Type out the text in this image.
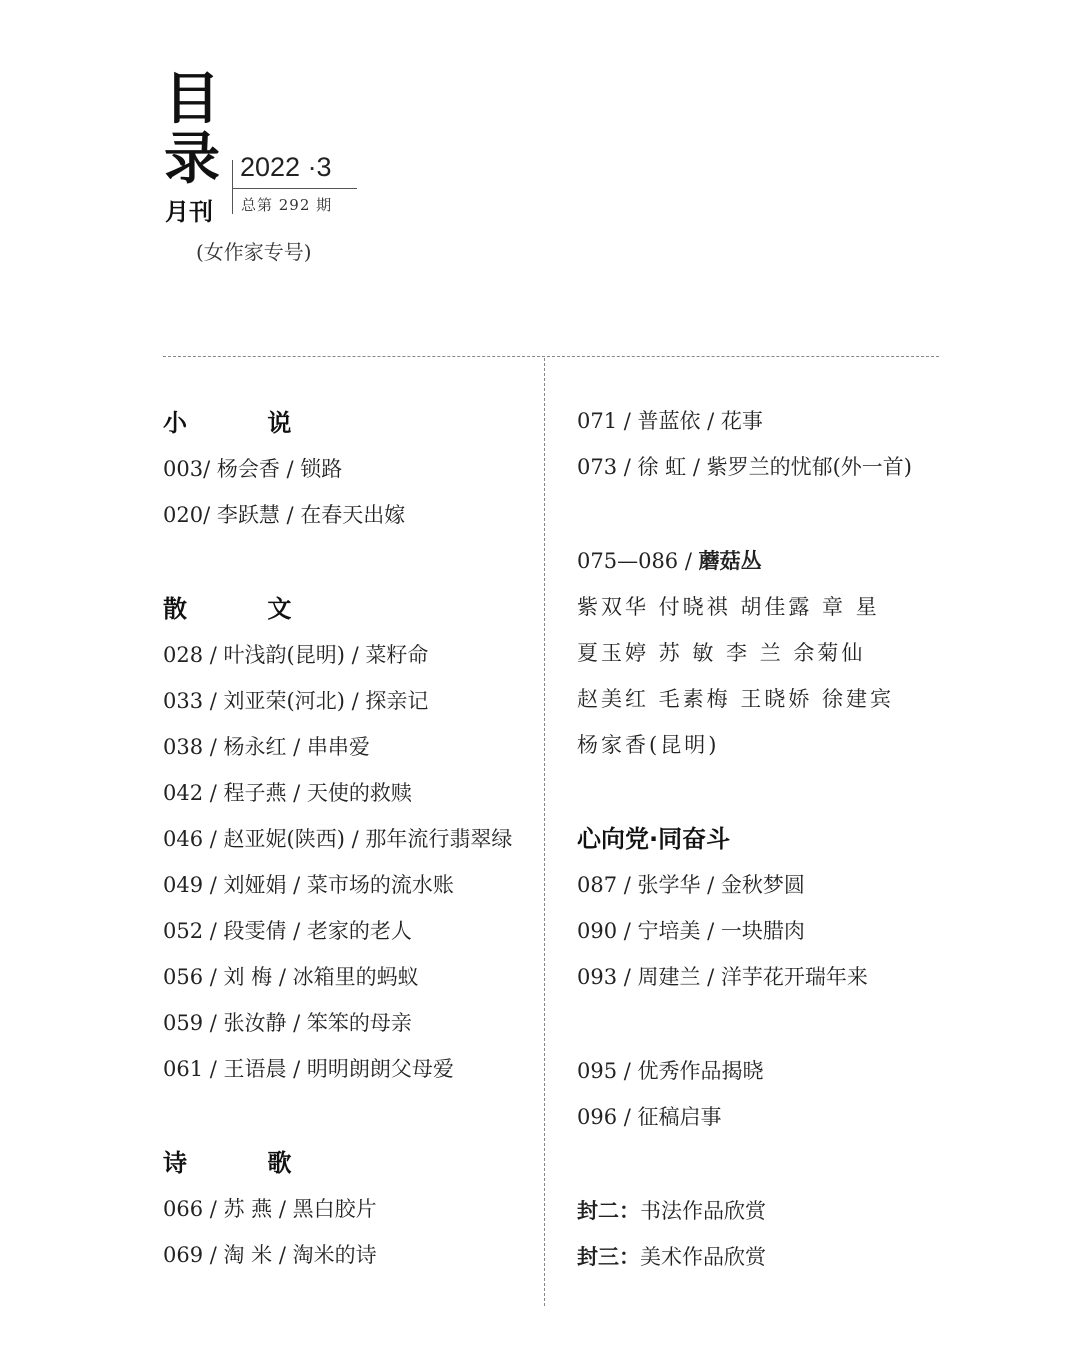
目
录 2022 ·3
月刊 总第 292 期
(女作家专号)
小 说
003/ 杨会香 / 锁路
020/ 李跃慧 / 在春天出嫁
散 文
028 / 叶浅韵(昆明) / 菜籽命
033 / 刘亚荣(河北) / 探亲记
038 / 杨永红 / 串串爱
042 / 程子燕 / 天使的救赎
046 / 赵亚妮(陕西) / 那年流行翡翠绿
049 / 刘娅娟 / 菜市场的流水账
052 / 段雯倩 / 老家的老人
056 / 刘 梅 / 冰箱里的蚂蚁
059 / 张汝静 / 笨笨的母亲
061 / 王语晨 / 明明朗朗父母爱
诗 歌
066 / 苏 燕 / 黑白胶片
069 / 淘 米 / 淘米的诗
071 / 普蓝依 / 花事
073 / 徐 虹 / 紫罗兰的忧郁(外一首)
075—086 / 蘑菇丛
紫双华 付晓祺 胡佳露 章 星
夏玉婷 苏 敏 李 兰 余菊仙
赵美红 毛素梅 王晓娇 徐建宾
杨家香(昆明)
心向党·同奋斗
087 / 张学华 / 金秋梦圆
090 / 宁培美 / 一块腊肉
093 / 周建兰 / 洋芋花开瑞年来
095 / 优秀作品揭晓
096 / 征稿启事
封二：书法作品欣赏
封三：美术作品欣赏
